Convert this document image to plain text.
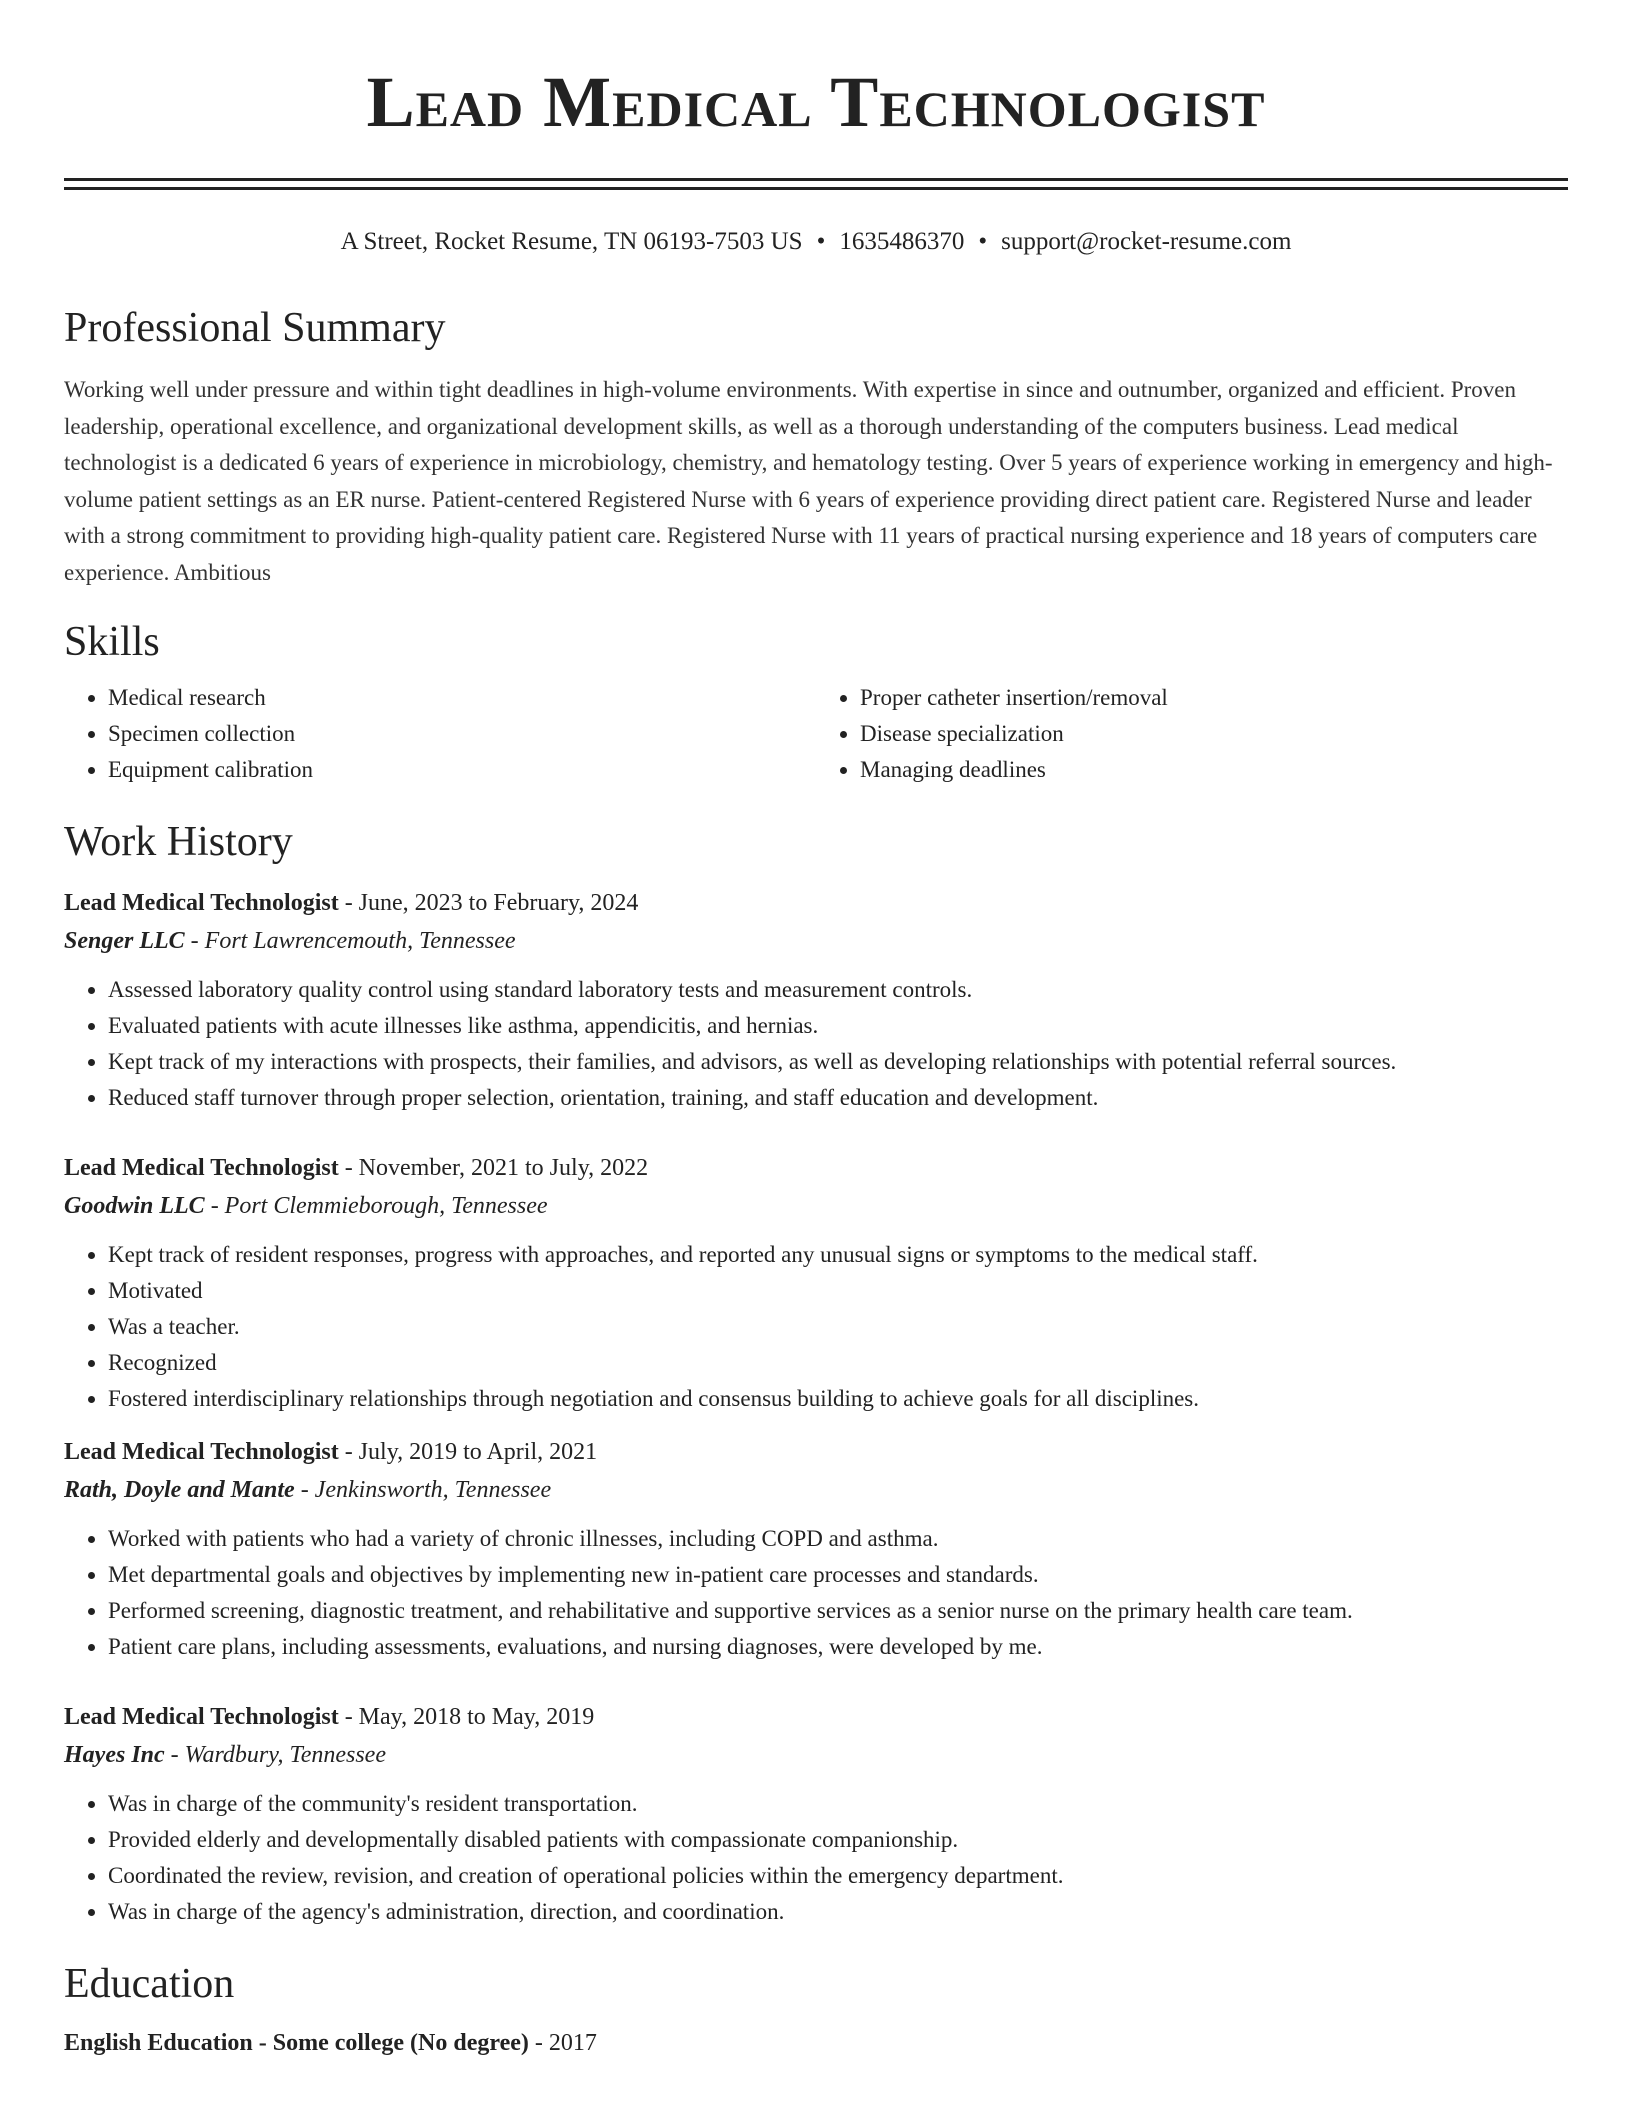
Lead Medical Technologist
A Street, Rocket Resume, TN 06193-7503 US • 1635486370 • support@rocket-resume.com
Professional Summary

Working well under pressure and within tight deadlines in high-volume environments. With expertise in since and outnumber, organized and efficient. Proven leadership, operational excellence, and organizational development skills, as well as a thorough understanding of the computers business. Lead medical technologist is a dedicated 6 years of experience in microbiology, chemistry, and hematology testing. Over 5 years of experience working in emergency and high-volume patient settings as an ER nurse. Patient-centered Registered Nurse with 6 years of experience providing direct patient care. Registered Nurse and leader with a strong commitment to providing high-quality patient care. Registered Nurse with 11 years of practical nursing experience and 18 years of computers care experience. Ambitious

Skills
• Medical research
• Specimen collection
• Equipment calibration
• Proper catheter insertion/removal
• Disease specialization
• Managing deadlines
Work History

Lead Medical Technologist - June, 2023 to February, 2024

Senger LLC - Fort Lawrencemouth, Tennessee

• Assessed laboratory quality control using standard laboratory tests and measurement controls.
• Evaluated patients with acute illnesses like asthma, appendicitis, and hernias.
• Kept track of my interactions with prospects, their families, and advisors, as well as developing relationships with potential referral sources.
• Reduced staff turnover through proper selection, orientation, training, and staff education and development.

Lead Medical Technologist - November, 2021 to July, 2022

Goodwin LLC - Port Clemmieborough, Tennessee

• Kept track of resident responses, progress with approaches, and reported any unusual signs or symptoms to the medical staff.
• Motivated
• Was a teacher.
• Recognized
• Fostered interdisciplinary relationships through negotiation and consensus building to achieve goals for all disciplines.

Lead Medical Technologist - July, 2019 to April, 2021

Rath, Doyle and Mante - Jenkinsworth, Tennessee

• Worked with patients who had a variety of chronic illnesses, including COPD and asthma.
• Met departmental goals and objectives by implementing new in-patient care processes and standards.
• Performed screening, diagnostic treatment, and rehabilitative and supportive services as a senior nurse on the primary health care team.
• Patient care plans, including assessments, evaluations, and nursing diagnoses, were developed by me.

Lead Medical Technologist - May, 2018 to May, 2019

Hayes Inc - Wardbury, Tennessee

• Was in charge of the community's resident transportation.
• Provided elderly and developmentally disabled patients with compassionate companionship.
• Coordinated the review, revision, and creation of operational policies within the emergency department.
• Was in charge of the agency's administration, direction, and coordination.
Education
English Education - Some college (No degree) - 2017
